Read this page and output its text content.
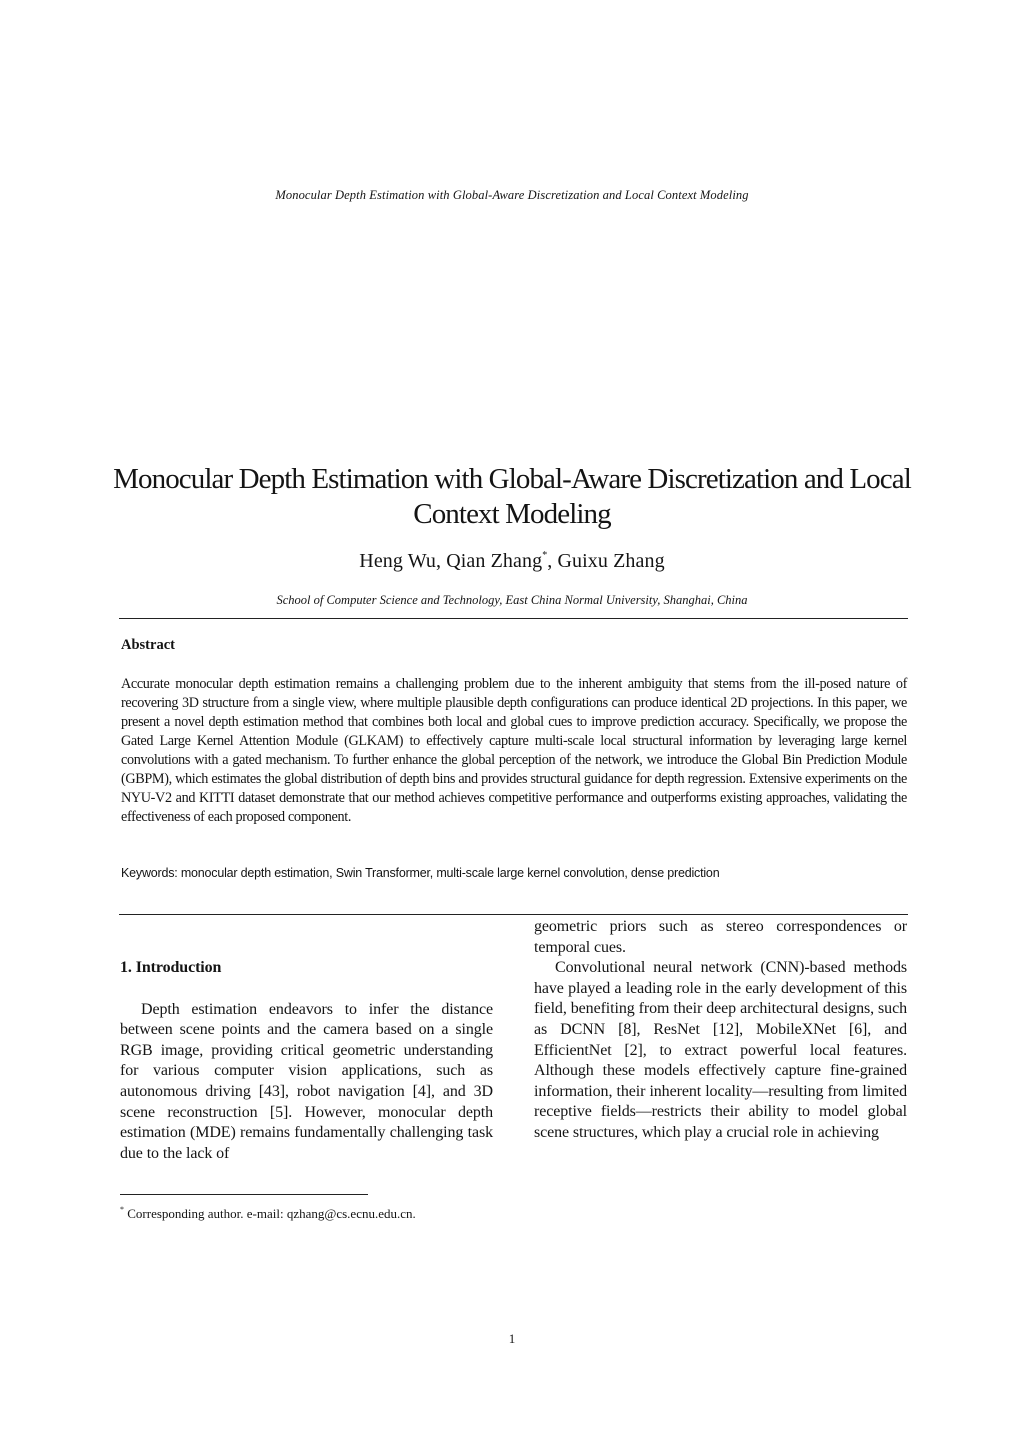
Monocular Depth Estimation with Global-Aware Discretization and Local Context Modeling
Monocular Depth Estimation with Global-Aware Discretization and Local Context Modeling
Heng Wu, Qian Zhang*, Guixu Zhang
School of Computer Science and Technology, East China Normal University, Shanghai, China
Abstract

Accurate monocular depth estimation remains a challenging problem due to the inherent ambiguity that stems from the ill-posed nature of recovering 3D structure from a single view, where multiple plausible depth configurations can produce identical 2D projections. In this paper, we present a novel depth estimation method that combines both local and global cues to improve prediction accuracy. Specifically, we propose the Gated Large Kernel Attention Module (GLKAM) to effectively capture multi-scale local structural information by leveraging large kernel convolutions with a gated mechanism. To further enhance the global perception of the network, we introduce the Global Bin Prediction Module (GBPM), which estimates the global distribution of depth bins and provides structural guidance for depth regression. Extensive experiments on the NYU-V2 and KITTI dataset demonstrate that our method achieves competitive performance and outperforms existing approaches, validating the effectiveness of each proposed component.

Keywords: monocular depth estimation, Swin Transformer, multi-scale large kernel convolution, dense prediction
1. Introduction

Depth estimation endeavors to infer the distance between scene points and the camera based on a single RGB image, providing critical geometric understanding for various computer vision applications, such as autonomous driving [43], robot navigation [4], and 3D scene reconstruction [5]. However, monocular depth estimation (MDE) remains fundamentally challenging task due to the lack of

geometric priors such as stereo correspondences or temporal cues.

Convolutional neural network (CNN)-based methods have played a leading role in the early development of this field, benefiting from their deep architectural designs, such as DCNN [8], ResNet [12], MobileXNet [6], and EfficientNet [2], to extract powerful local features. Although these models effectively capture fine-grained information, their inherent locality—resulting from limited receptive fields—restricts their ability to model global scene structures, which play a crucial role in achieving

* Corresponding author. e-mail: qzhang@cs.ecnu.edu.cn.
1
